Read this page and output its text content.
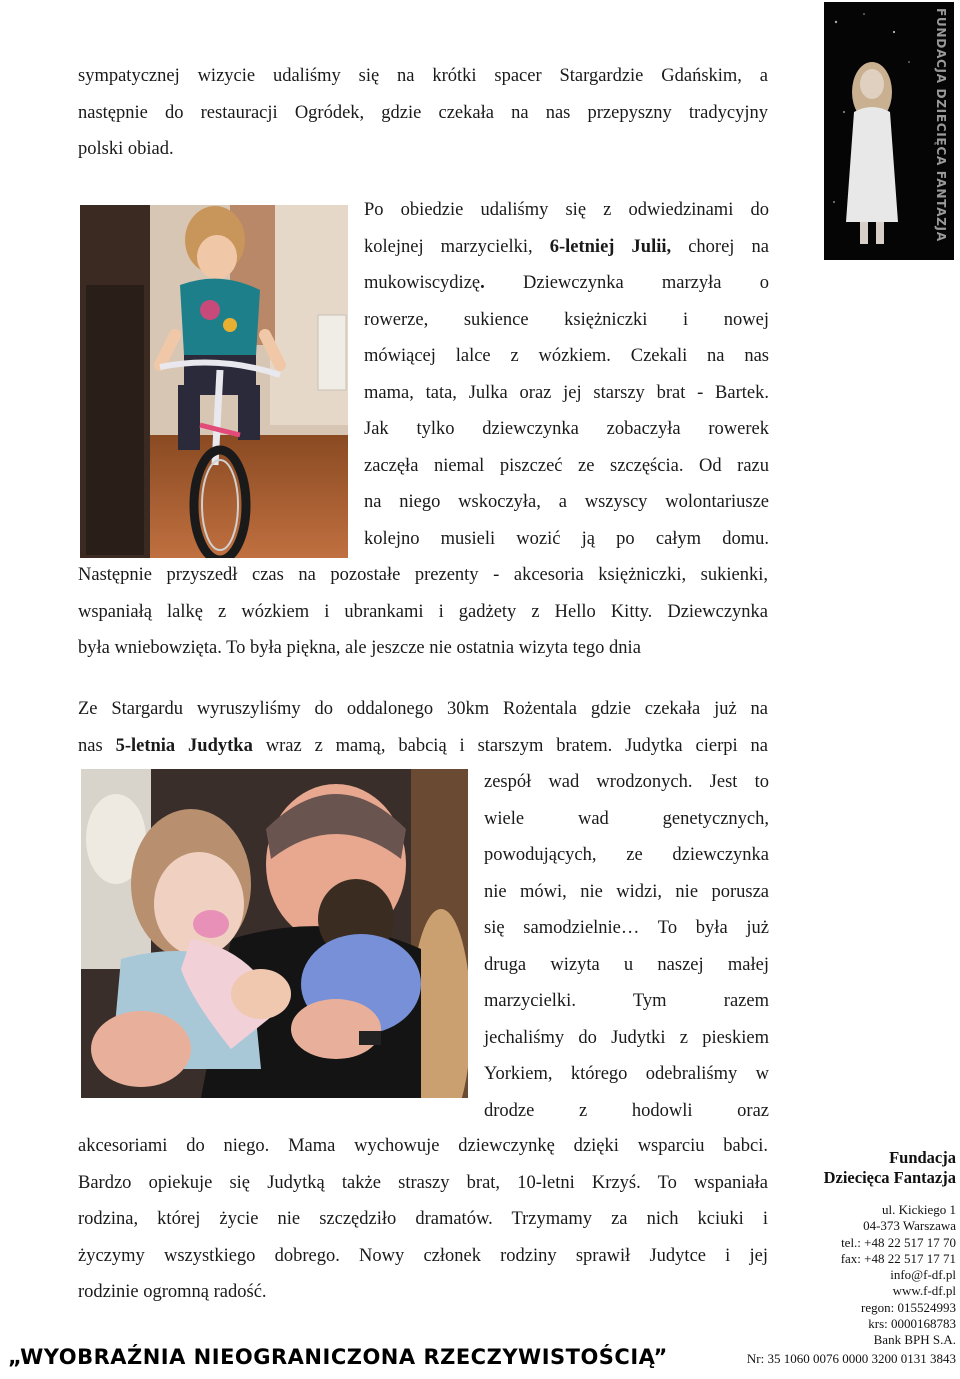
sympatycznej wizycie udaliśmy się na krótki spacer Stargardzie Gdańskim, a
następnie do restauracji Ogródek, gdzie czekała na nas przepyszny tradycyjny
polski obiad.
Po obiedzie udaliśmy się z odwiedzinami do
kolejnej marzycielki, 6-letniej Julii, chorej na
mukowiscydizę. Dziewczynka marzyła o
rowerze, sukience księżniczki i nowej
mówiącej lalce z wózkiem. Czekali na nas
mama, tata, Julka oraz jej starszy brat - Bartek.
Jak tylko dziewczynka zobaczyła rowerek
zaczęła niemal piszczeć ze szczęścia. Od razu
na niego wskoczyła, a wszyscy wolontariusze
kolejno musieli wozić ją po całym domu.
Następnie przyszedł czas na pozostałe prezenty - akcesoria księżniczki, sukienki,
wspaniałą lalkę z wózkiem i ubrankami i gadżety z Hello Kitty. Dziewczynka
była wniebowzięta. To była piękna, ale jeszcze nie ostatnia wizyta tego dnia
Ze Stargardu wyruszyliśmy do oddalonego 30km Rożentala gdzie czekała już na
nas 5-letnia Judytka wraz z mamą, babcią i starszym bratem. Judytka cierpi na
zespół wad wrodzonych. Jest to
wiele wad genetycznych,
powodujących, ze dziewczynka
nie mówi, nie widzi, nie porusza
się samodzielnie… To była już
druga wizyta u naszej małej
marzycielki. Tym razem
jechaliśmy do Judytki z pieskiem
Yorkiem, którego odebraliśmy w
drodze z hodowli oraz
akcesoriami do niego. Mama wychowuje dziewczynkę dzięki wsparciu babci.
Bardzo opiekuje się Judytką także straszy brat, 10-letni Krzyś. To wspaniała
rodzina, której życie nie szczędziło dramatów. Trzymamy za nich kciuki i
życzymy wszystkiego dobrego. Nowy członek rodziny sprawił Judytce i jej
rodzinie ogromną radość.
FUNDACJA DZIECIĘCA FANTAZJA
Fundacja
Dziecięca Fantazja
ul. Kickiego 1
04-373 Warszawa
tel.: +48 22 517 17 70
fax: +48 22 517 17 71
info@f-df.pl
www.f-df.pl
regon: 015524993
krs: 0000168783
Bank BPH S.A.
Nr: 35 1060 0076 0000 3200 0131 3843
„WYOBRAŹNIA NIEOGRANICZONA RZECZYWISTOŚCIĄ”
